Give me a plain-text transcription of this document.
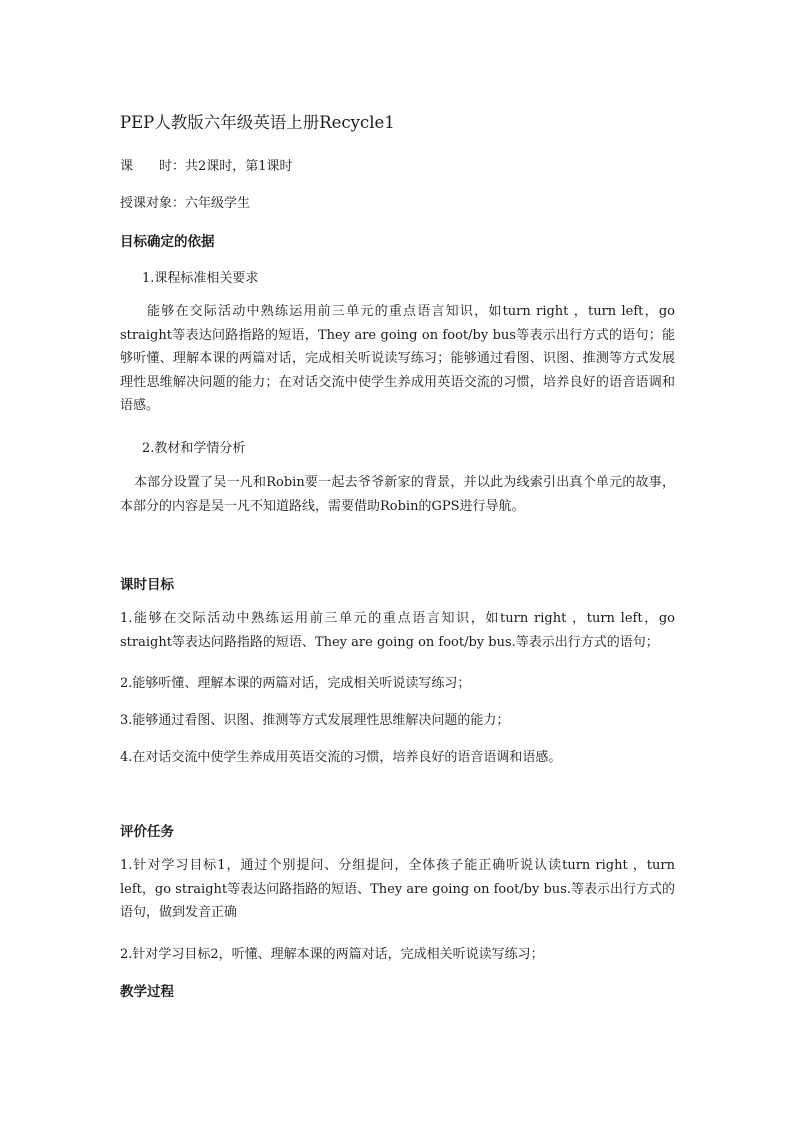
PEP人教版六年级英语上册Recycle1
课　　时：共2课时，第1课时
授课对象：六年级学生
目标确定的依据
1.课程标准相关要求
能够在交际活动中熟练运用前三单元的重点语言知识，如turn right ，turn left，go straight等表达问路指路的短语，They are going on foot/by bus等表示出行方式的语句；能够听懂、理解本课的两篇对话，完成相关听说读写练习；能够通过看图、识图、推测等方式发展理性思维解决问题的能力；在对话交流中使学生养成用英语交流的习惯，培养良好的语音语调和语感。
2.教材和学情分析
本部分设置了吴一凡和Robin要一起去爷爷新家的背景，并以此为线索引出真个单元的故事，本部分的内容是吴一凡不知道路线，需要借助Robin的GPS进行导航。
课时目标
1.能够在交际活动中熟练运用前三单元的重点语言知识，如turn right ，turn left，go straight等表达问路指路的短语、They are going on foot/by bus.等表示出行方式的语句；
2.能够听懂、理解本课的两篇对话，完成相关听说读写练习；
3.能够通过看图、识图、推测等方式发展理性思维解决问题的能力；
4.在对话交流中使学生养成用英语交流的习惯，培养良好的语音语调和语感。
评价任务
1.针对学习目标1，通过个别提问、分组提问，全体孩子能正确听说认读turn right ，turn left，go straight等表达问路指路的短语、They are going on foot/by bus.等表示出行方式的语句，做到发音正确
2.针对学习目标2，听懂、理解本课的两篇对话，完成相关听说读写练习；
教学过程
